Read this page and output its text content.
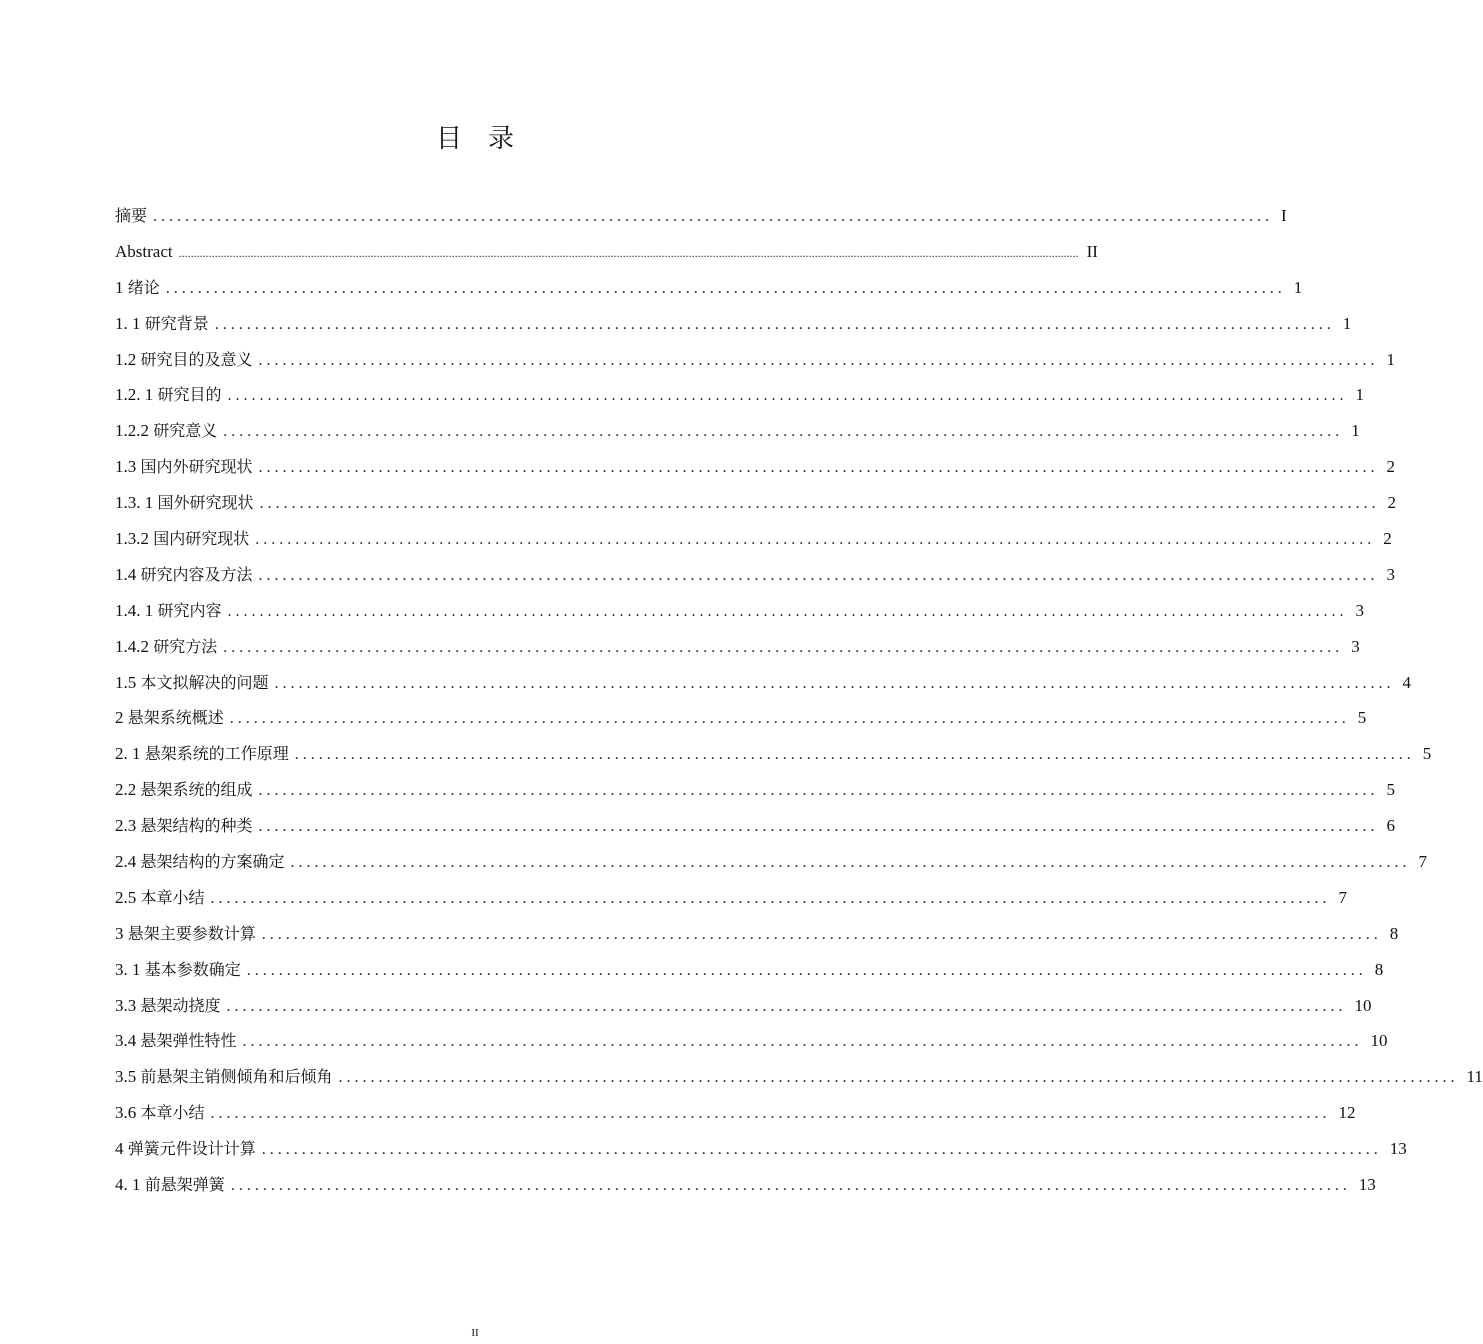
目　录
摘要 ............................................................................................................................................ I
Abstract ............................................................................................................................................................................................................................................................................................................ II
1 绪论 ............................................................................................................................................ 1
1. 1 研究背景 ............................................................................................................................................ 1
1.2 研究目的及意义 ............................................................................................................................................ 1
1.2. 1 研究目的 ............................................................................................................................................ 1
1.2.2 研究意义 ............................................................................................................................................ 1
1.3 国内外研究现状 ............................................................................................................................................ 2
1.3. 1 国外研究现状 ............................................................................................................................................ 2
1.3.2 国内研究现状 ............................................................................................................................................ 2
1.4 研究内容及方法 ............................................................................................................................................ 3
1.4. 1 研究内容 ............................................................................................................................................ 3
1.4.2 研究方法 ............................................................................................................................................ 3
1.5 本文拟解决的问题 ............................................................................................................................................ 4
2 悬架系统概述 ............................................................................................................................................ 5
2. 1 悬架系统的工作原理 ............................................................................................................................................ 5
2.2 悬架系统的组成 ............................................................................................................................................ 5
2.3 悬架结构的种类 ............................................................................................................................................ 6
2.4 悬架结构的方案确定 ............................................................................................................................................ 7
2.5 本章小结 ............................................................................................................................................ 7
3 悬架主要参数计算 ............................................................................................................................................ 8
3. 1 基本参数确定 ............................................................................................................................................ 8
3.3 悬架动挠度 ............................................................................................................................................ 10
3.4 悬架弹性特性 ............................................................................................................................................ 10
3.5 前悬架主销侧倾角和后倾角 ............................................................................................................................................ 11
3.6 本章小结 ............................................................................................................................................ 12
4 弹簧元件设计计算 ............................................................................................................................................ 13
4. 1 前悬架弹簧 ............................................................................................................................................ 13
II
